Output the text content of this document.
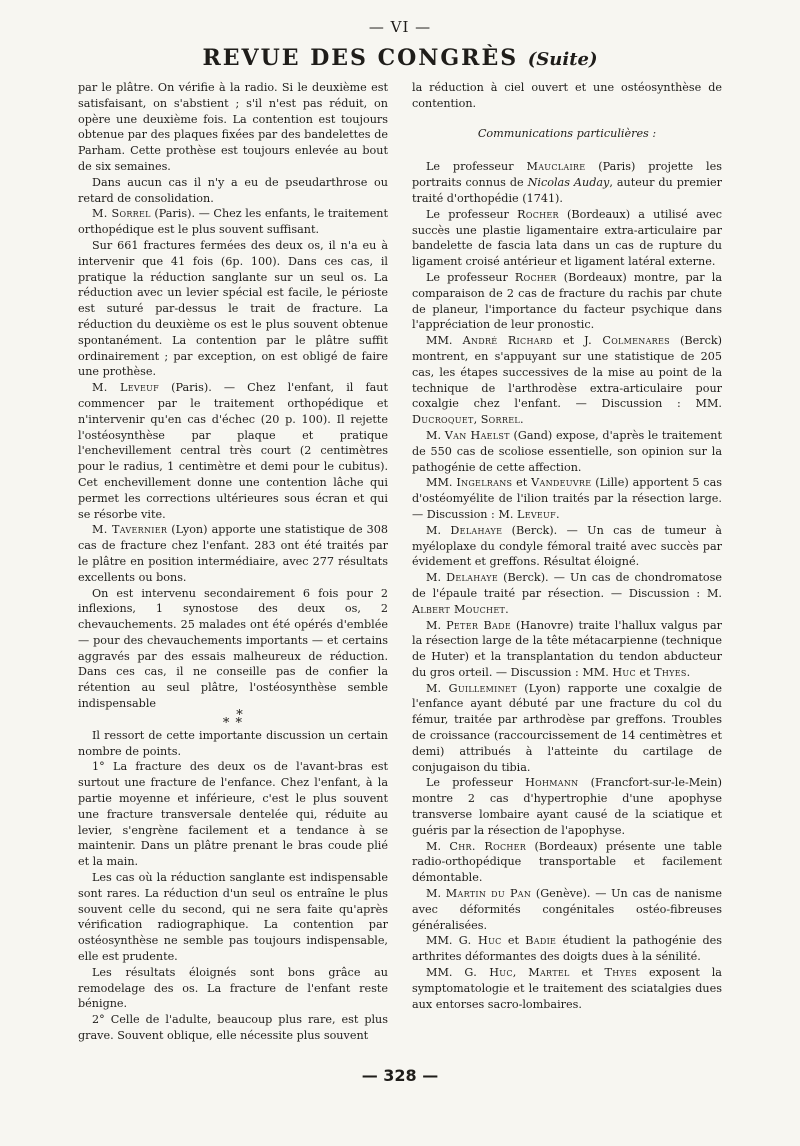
— VI —
REVUE DES CONGRÈS (Suite)

par le plâtre. On vérifie à la radio. Si le deuxième est satisfaisant, on s'abstient ; s'il n'est pas réduit, on opère une deuxième fois. La contention est toujours obtenue par des plaques fixées par des bandelettes de Parham. Cette prothèse est toujours enlevée au bout de six semaines.

Dans aucun cas il n'y a eu de pseudarthrose ou retard de consolidation.

M. Sorrel (Paris). — Chez les enfants, le traitement orthopédique est le plus souvent suffisant.

Sur 661 fractures fermées des deux os, il n'a eu à intervenir que 41 fois (6p. 100). Dans ces cas, il pratique la réduction sanglante sur un seul os. La réduction avec un levier spécial est facile, le périoste est suturé par-dessus le trait de fracture. La réduction du deuxième os est le plus souvent obtenue spontanément. La contention par le plâtre suffit ordinairement ; par exception, on est obligé de faire une prothèse.

M. Leveuf (Paris). — Chez l'enfant, il faut commencer par le traitement orthopédique et n'intervenir qu'en cas d'échec (20 p. 100). Il rejette l'ostéosynthèse par plaque et pratique l'enchevillement central très court (2 centimètres pour le radius, 1 centimètre et demi pour le cubitus). Cet enchevillement donne une contention lâche qui permet les corrections ultérieures sous écran et qui se résorbe vite.

M. Tavernier (Lyon) apporte une statistique de 308 cas de fracture chez l'enfant. 283 ont été traités par le plâtre en position intermédiaire, avec 277 résultats excellents ou bons.

On est intervenu secondairement 6 fois pour 2 inflexions, 1 synostose des deux os, 2 chevauchements. 25 malades ont été opérés d'emblée — pour des chevauchements importants — et certains aggravés par des essais malheureux de réduction. Dans ces cas, il ne conseille pas de confier la rétention au seul plâtre, l'ostéosynthèse semble indispensable

*
* *

Il ressort de cette importante discussion un certain nombre de points.

1° La fracture des deux os de l'avant-bras est surtout une fracture de l'enfance. Chez l'enfant, à la partie moyenne et inférieure, c'est le plus souvent une fracture transversale dentelée qui, réduite au levier, s'engrène facilement et a tendance à se maintenir. Dans un plâtre prenant le bras coude plié et la main.

Les cas où la réduction sanglante est indispensable sont rares. La réduction d'un seul os entraîne le plus souvent celle du second, qui ne sera faite qu'après vérification radiographique. La contention par ostéosynthèse ne semble pas toujours indispensable, elle est prudente.

Les résultats éloignés sont bons grâce au remodelage des os. La fracture de l'enfant reste bénigne.

2° Celle de l'adulte, beaucoup plus rare, est plus grave. Souvent oblique, elle nécessite plus souvent

la réduction à ciel ouvert et une ostéosynthèse de contention.

Communications particulières :

Le professeur Mauclaire (Paris) projette les portraits connus de Nicolas Auday, auteur du premier traité d'orthopédie (1741).

Le professeur Rocher (Bordeaux) a utilisé avec succès une plastie ligamentaire extra-articulaire par bandelette de fascia lata dans un cas de rupture du ligament croisé antérieur et ligament latéral externe.

Le professeur Rocher (Bordeaux) montre, par la comparaison de 2 cas de fracture du rachis par chute de planeur, l'importance du facteur psychique dans l'appréciation de leur pronostic.

MM. André Richard et J. Colmenares (Berck) montrent, en s'appuyant sur une statistique de 205 cas, les étapes successives de la mise au point de la technique de l'arthrodèse extra-articulaire pour coxalgie chez l'enfant. — Discussion : MM. Ducroquet, Sorrel.

M. Van Haelst (Gand) expose, d'après le traitement de 550 cas de scoliose essentielle, son opinion sur la pathogénie de cette affection.

MM. Ingelrans et Vandeuvre (Lille) apportent 5 cas d'ostéomyélite de l'ilion traités par la résection large. — Discussion : M. Leveuf.

M. Delahaye (Berck). — Un cas de tumeur à myéloplaxe du condyle fémoral traité avec succès par évidement et greffons. Résultat éloigné.

M. Delahaye (Berck). — Un cas de chondromatose de l'épaule traité par résection. — Discussion : M. Albert Mouchet.

M. Peter Bade (Hanovre) traite l'hallux valgus par la résection large de la tête métacarpienne (technique de Huter) et la transplantation du tendon abducteur du gros orteil. — Discussion : MM. Huc et Thyes.

M. Guilleminet (Lyon) rapporte une coxalgie de l'enfance ayant débuté par une fracture du col du fémur, traitée par arthrodèse par greffons. Troubles de croissance (raccourcissement de 14 centimètres et demi) attribués à l'atteinte du cartilage de conjugaison du tibia.

Le professeur Hohmann (Francfort-sur-le-Mein) montre 2 cas d'hypertrophie d'une apophyse transverse lombaire ayant causé de la sciatique et guéris par la résection de l'apophyse.

M. Chr. Rocher (Bordeaux) présente une table radio-orthopédique transportable et facilement démontable.

M. Martin du Pan (Genève). — Un cas de nanisme avec déformités congénitales ostéo-fibreuses généralisées.

MM. G. Huc et Badie étudient la pathogénie des arthrites déformantes des doigts dues à la sénilité.

MM. G. Huc, Martel et Thyes exposent la symptomatologie et le traitement des sciatalgies dues aux entorses sacro-lombaires.

— 328 —
